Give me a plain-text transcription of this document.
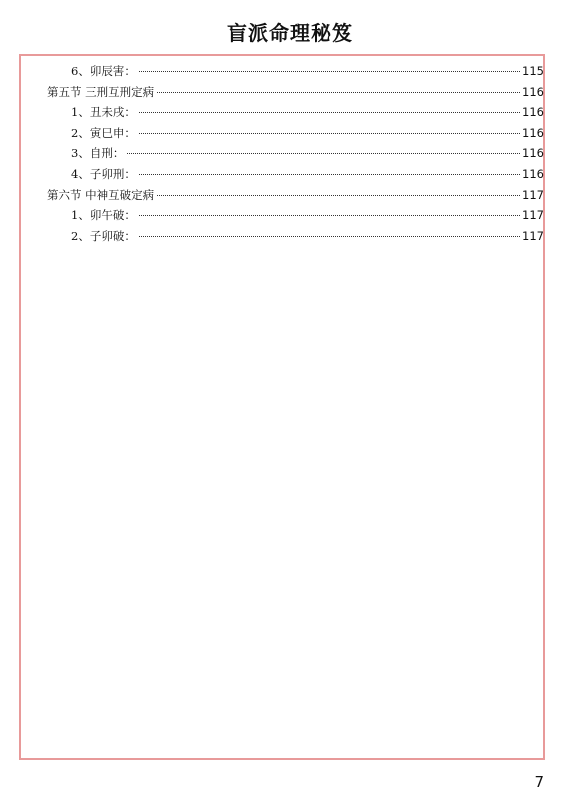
盲派命理秘笈
6、卯辰害：	115
第五节 三刑互刑定病	116
1、丑未戌：	116
2、寅巳申：	116
3、自刑：	116
4、子卯刑：	116
第六节 中神互破定病	117
1、卯午破：	117
2、子卯破：	117
7
